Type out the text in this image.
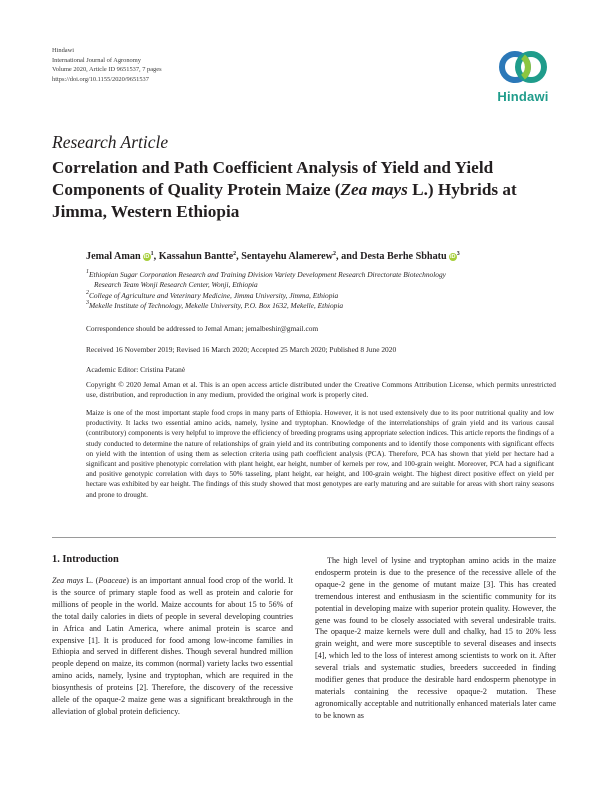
Hindawi
International Journal of Agronomy
Volume 2020, Article ID 9651537, 7 pages
https://doi.org/10.1155/2020/9651537
Hindawi
Research Article
Correlation and Path Coefficient Analysis of Yield and Yield Components of Quality Protein Maize (Zea mays L.) Hybrids at Jimma, Western Ethiopia
Jemal Aman $iD^1$, Kassahun Bantte$^2$, Sentayehu Alamerew$^2$, and Desta Berhe Sbhatu $iD^3$
$^1$Ethiopian Sugar Corporation Research and Training Division Variety Development Research Directorate Biotechnology
Research Team Wonji Research Center, Wonji, Ethiopia
$^2$College of Agriculture and Veterinary Medicine, Jimma University, Jimma, Ethiopia
$^3$Mekelle Institute of Technology, Mekelle University, P.O. Box 1632, Mekelle, Ethiopia
Correspondence should be addressed to Jemal Aman; jemalbeshir@gmail.com
Received 16 November 2019; Revised 16 March 2020; Accepted 25 March 2020; Published 8 June 2020
Academic Editor: Cristina Patanè
Copyright © 2020 Jemal Aman et al. This is an open access article distributed under the Creative Commons Attribution License, which permits unrestricted use, distribution, and reproduction in any medium, provided the original work is properly cited.
Maize is one of the most important staple food crops in many parts of Ethiopia. However, it is not used extensively due to its poor nutritional quality and low productivity. It lacks two essential amino acids, namely, lysine and tryptophan. Knowledge of the interrelationships of grain yield and its various causal (contributory) components is very helpful to improve the efficiency of breeding programs using appropriate selection indices. This article reports the findings of a study conducted to determine the nature of relationships of grain yield and its contributing components and to identify those components with significant effects on yield with the intention of using them as selection criteria using path coefficient analysis (PCA). Therefore, PCA has shown that yield per hectare had a significant and positive phenotypic correlation with plant height, ear height, number of kernels per row, and 100-grain weight. Moreover, PCA had a significant and positive genotypic correlation with days to 50% tasseling, plant height, ear height, and 100-grain weight. The highest direct positive effect on yield per hectare was exhibited by ear height. The findings of this study showed that most genotypes are early maturing and are suitable for areas with short rainy seasons and prone to drought.
1. Introduction
Zea mays L. (Poaceae) is an important annual food crop of the world. It is the source of primary staple food as well as protein and calorie for millions of people in the world. Maize accounts for about 15 to 56% of the total daily calories in diets of people in several developing countries in Africa and Latin America, where animal protein is scarce and expensive [1]. It is produced for food among low-income families in Ethiopia and served in different dishes. Though several hundred million people depend on maize, its common (normal) variety lacks two essential amino acids, namely, lysine and tryptophan, which are required in the biosynthesis of proteins [2]. Therefore, the discovery of the recessive allele of the opaque-2 maize gene was a significant breakthrough in the alleviation of global protein deficiency.
The high level of lysine and tryptophan amino acids in the maize endosperm protein is due to the presence of the recessive allele of the opaque-2 gene in the genome of mutant maize [3]. This has created tremendous interest and enthusiasm in the scientific community for its potential in developing maize with superior protein quality. However, the gene was found to be closely associated with several undesirable traits. The opaque-2 maize kernels were dull and chalky, had 15 to 20% less grain weight, and were more susceptible to several diseases and insects [4], which led to the loss of interest among scientists to work on it. After several trials and systematic studies, breeders succeeded in finding modifier genes that produce the desirable hard endosperm phenotype in materials containing the recessive opaque-2 mutation. These agronomically acceptable and nutritionally enhanced materials later came to be known as
